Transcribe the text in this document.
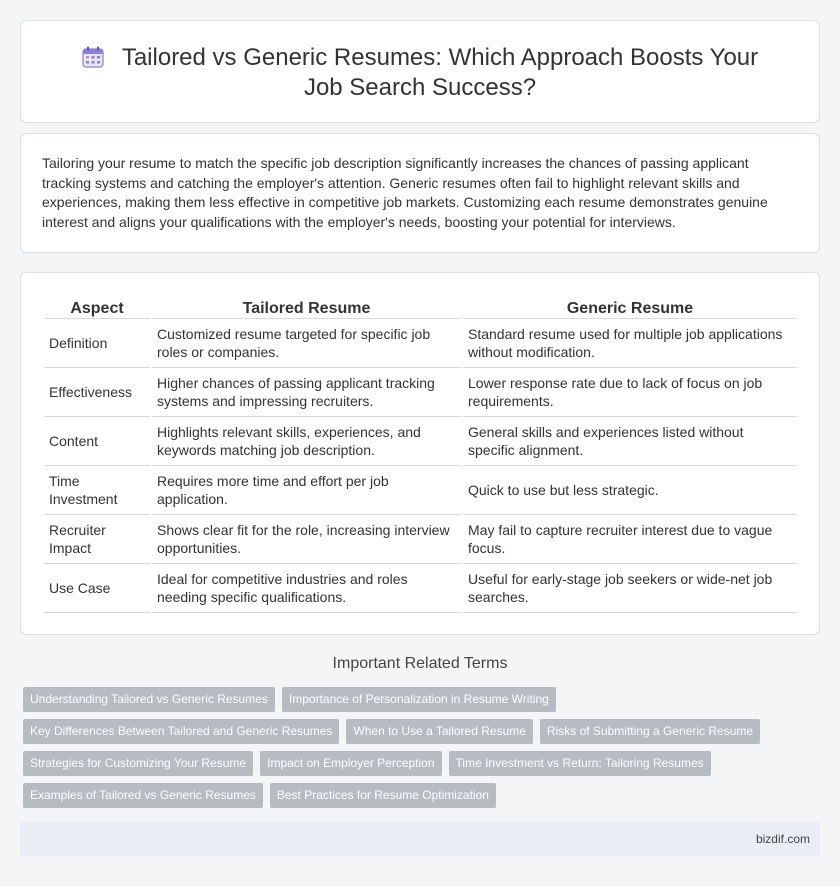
Tailored vs Generic Resumes: Which Approach Boosts Your Job Search Success?

Tailoring your resume to match the specific job description significantly increases the chances of passing applicant tracking systems and catching the employer's attention. Generic resumes often fail to highlight relevant skills and experiences, making them less effective in competitive job markets. Customizing each resume demonstrates genuine interest and aligns your qualifications with the employer's needs, boosting your potential for interviews.

Aspect	Tailored Resume	Generic Resume
Definition	Customized resume targeted for specific job roles or companies.	Standard resume used for multiple job applications without modification.
Effectiveness	Higher chances of passing applicant tracking systems and impressing recruiters.	Lower response rate due to lack of focus on job requirements.
Content	Highlights relevant skills, experiences, and keywords matching job description.	General skills and experiences listed without specific alignment.
Time Investment	Requires more time and effort per job application.	Quick to use but less strategic.
Recruiter Impact	Shows clear fit for the role, increasing interview opportunities.	May fail to capture recruiter interest due to vague focus.
Use Case	Ideal for competitive industries and roles needing specific qualifications.	Useful for early-stage job seekers or wide-net job searches.
Important Related Terms
Understanding Tailored vs Generic Resumes Importance of Personalization in Resume Writing
Key Differences Between Tailored and Generic Resumes When to Use a Tailored Resume Risks of Submitting a Generic Resume
Strategies for Customizing Your Resume Impact on Employer Perception Time Investment vs Return: Tailoring Resumes
Examples of Tailored vs Generic Resumes Best Practices for Resume Optimization
bizdif.com
